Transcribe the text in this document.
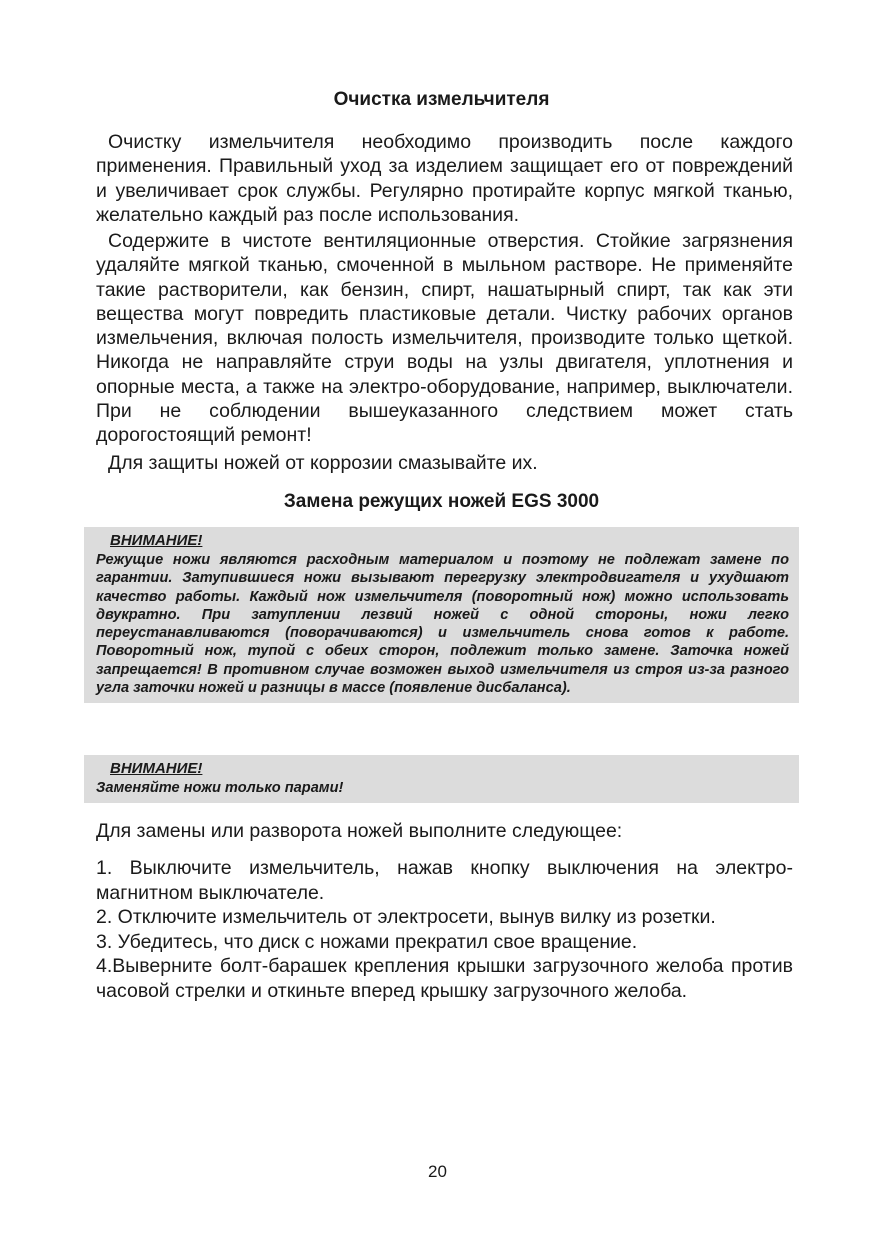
Очистка измельчителя

Очистку измельчителя необходимо производить после каждого применения. Правильный уход за изделием защищает его от повреждений и увеличивает срок службы. Регулярно протирайте корпус мягкой тканью, желательно каждый раз после использования.

Содержите в чистоте вентиляционные отверстия. Стойкие загрязнения удаляйте мягкой тканью, смоченной в мыльном растворе. Не применяйте такие растворители, как бензин, спирт, нашатырный спирт, так как эти вещества могут повредить пластиковые детали. Чистку рабочих органов измельчения, включая полость измельчителя, производите только щеткой. Никогда не направляйте струи воды на узлы двигателя, уплотнения и опорные места, а также на электро-оборудование, например, выключатели. При не соблюдении вышеуказанного следствием может стать дорогостоящий ремонт!

Для защиты ножей от коррозии смазывайте их.

Замена режущих ножей EGS 3000
ВНИМАНИЕ!

Режущие ножи являются расходным материалом и поэтому не подлежат замене по гарантии. Затупившиеся ножи вызывают перегрузку электродвигателя и ухудшают качество работы. Каждый нож измельчителя (поворотный нож) можно использовать двукратно. При затуплении лезвий ножей с одной стороны, ножи легко переустанавливаются (поворачиваются) и измельчитель снова готов к работе. Поворотный нож, тупой с обеих сторон, подлежит только замене. Заточка ножей запрещается! В противном случае возможен выход измельчителя из строя из-за разного угла заточки ножей и разницы в массе (появление дисбаланса).

ВНИМАНИЕ!

Заменяйте ножи только парами!

Для замены или разворота ножей выполните следующее:

1. Выключите измельчитель, нажав кнопку выключения на электро-магнитном выключателе.
2. Отключите измельчитель от электросети, вынув вилку из розетки.
3. Убедитесь, что диск с ножами прекратил свое вращение.
4.Выверните болт-барашек крепления крышки загрузочного желоба против часовой стрелки и откиньте вперед крышку загрузочного желоба.
20
